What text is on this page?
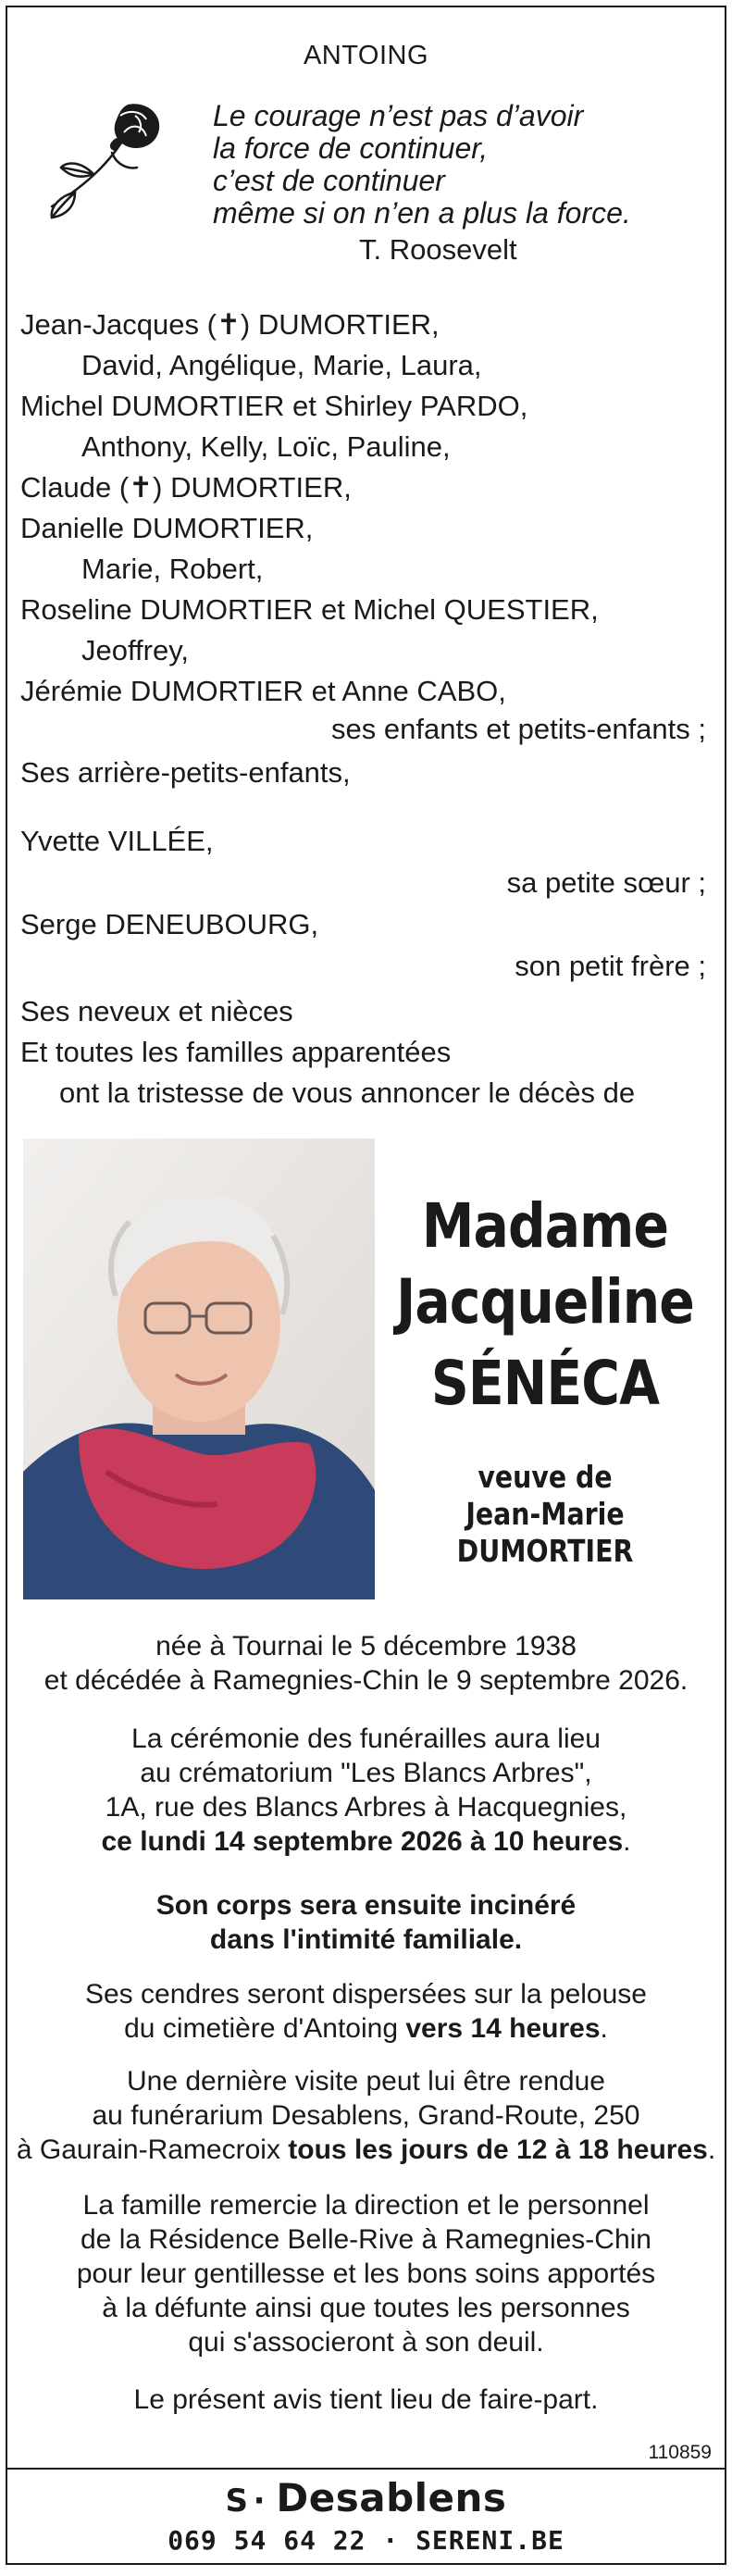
ANTOING
Le courage n’est pas d’avoir
la force de continuer,
c’est de continuer
même si on n’en a plus la force.
T. Roosevelt
Jean-Jacques (✝) DUMORTIER,
David, Angélique, Marie, Laura,
Michel DUMORTIER et Shirley PARDO,
Anthony, Kelly, Loïc, Pauline,
Claude (✝) DUMORTIER,
Danielle DUMORTIER,
Marie, Robert,
Roseline DUMORTIER et Michel QUESTIER,
Jeoffrey,
Jérémie DUMORTIER et Anne CABO,
ses enfants et petits-enfants ;
Ses arrière-petits-enfants,
Yvette VILLÉE,
sa petite sœur ;
Serge DENEUBOURG,
son petit frère ;
Ses neveux et nièces
Et toutes les familles apparentées
ont la tristesse de vous annoncer le décès de
Madame
Jacqueline
SÉNÉCA
veuve de
Jean-Marie
DUMORTIER
née à Tournai le 5 décembre 1938
et décédée à Ramegnies-Chin le 9 septembre 2026.
La cérémonie des funérailles aura lieu
au crématorium "Les Blancs Arbres",
1A, rue des Blancs Arbres à Hacquegnies,
ce lundi 14 septembre 2026 à 10 heures.
Son corps sera ensuite incinéré
dans l'intimité familiale.
Ses cendres seront dispersées sur la pelouse
du cimetière d'Antoing vers 14 heures.
Une dernière visite peut lui être rendue
au funérarium Desablens, Grand-Route, 250
à Gaurain-Ramecroix tous les jours de 12 à 18 heures.
La famille remercie la direction et le personnel
de la Résidence Belle-Rive à Ramegnies-Chin
pour leur gentillesse et les bons soins apportés
à la défunte ainsi que toutes les personnes
qui s'associeront à son deuil.
Le présent avis tient lieu de faire-part.
110859
S · Desablens
069 54 64 22 · SERENI.BE
